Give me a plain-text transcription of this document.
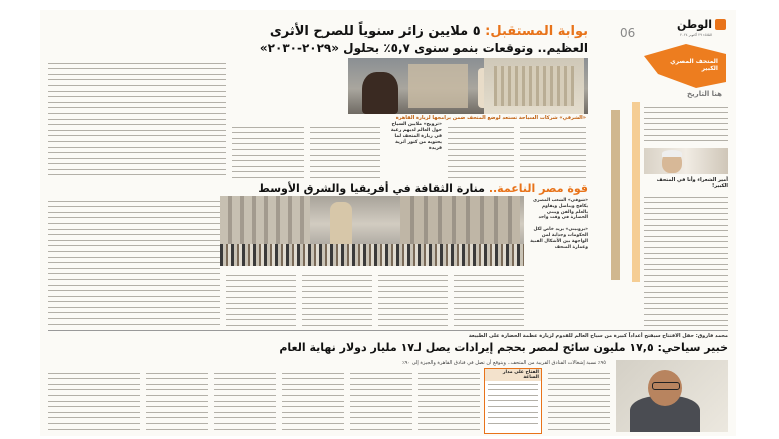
الوطن
06	الثلاثاء ٢٩ أكتوبر ٢٠٢٤
المتحف المصري الكبير
هنا التاريخ
أمير الشعراء وأنا في المتحف الكبير!
بوابة المستقبل: ٥ ملايين زائر سنوياً للصرح الأثرى
العظيم.. وتوقعات بنمو سنوى ٥,٧٪ بحلول «٢٠٢٩-٢٠٣٠»
«الشرقي» شركات السياحة تستعد لوضع المتحف ضمن برامجها لزيارة القاهرة
«ترويج» ملايين السياح حول العالم لديهم رغبة في زيارة المتحف لما يحتويه من كنوز أثرية فريدة
قوة مصر الناعمة.. منارة الثقافة في أفريقيا والشرق الأوسط
«شوقي» الشعب المصري يكافح ويناضل ويقاوم بالعلم والفن ويبني الحضارة في وقت واحد
«برونيتي» بريد خاص لكل الحكومات وجذابة لمن الواجهة بين الأشكال الفنية وعمارة المتحف
محمد فاروق: حفل الافتتاح سيفتح أعداداً كبيرة من سياح العالم للقدوم لزيارة عظمة الحضارة على الطبيعة
خبير سياحي: ١٧,٥ مليون سائح لمصر بحجم إيرادات يصل لـ١٧ مليار دولار نهاية العام
٩٥٪ نسبة إشغالات الفنادق القريبة من المتحف.. ويتوقع أن تصل في فنادق القاهرة والجيزة إلى ٩٠٪
الفتاح على مدار الساعة
